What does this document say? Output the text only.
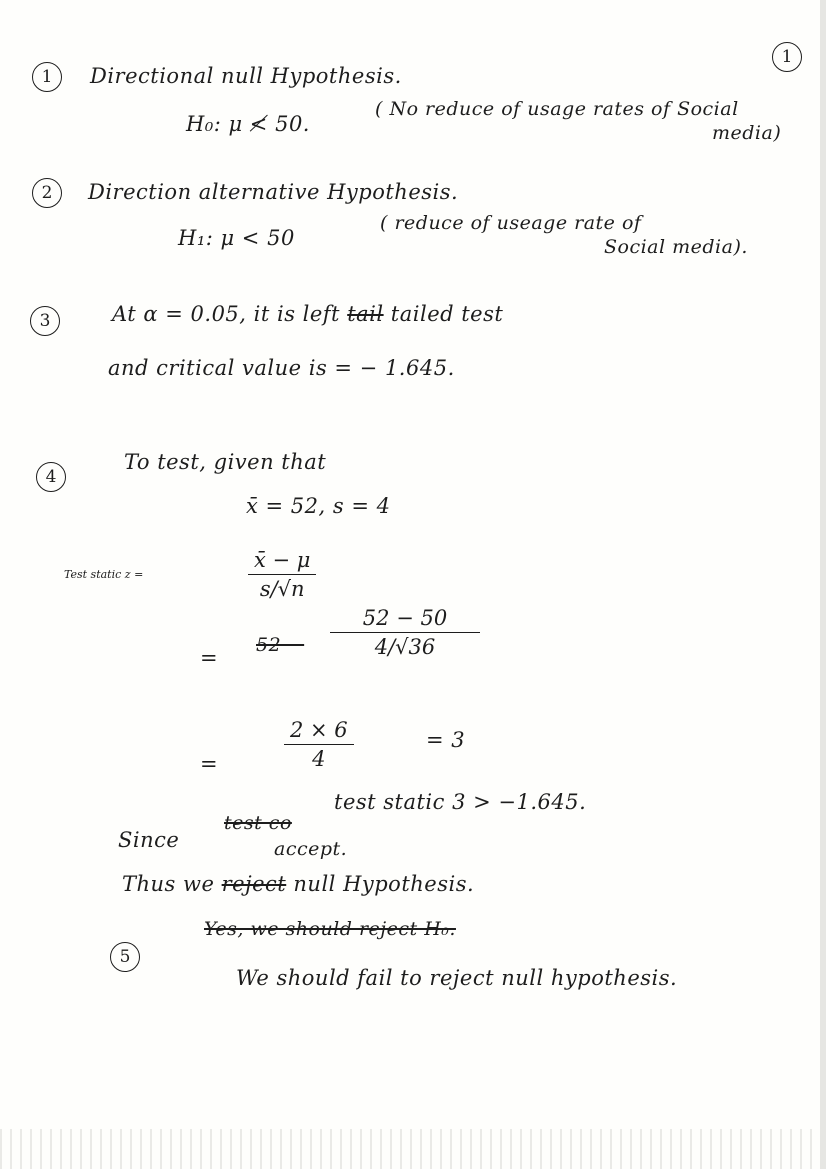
1
1 Directional null Hypothesis.
H₀: μ ≮ 50.
( No reduce of usage rates of Social
media)
2 Direction alternative Hypothesis.
H₁: μ < 50
( reduce of useage rate of
Social media).
3	At α = 0.05, it is left tail tailed test
and critical value is = − 1.645.
4
To test, given that
x̄ = 52, s = 4
Test static z =
x̄ − μ
s/√n
=
52 −
52 − 50
4/√36
=
2 × 6
4
= 3
Since
test co
test static 3 > −1.645.
accept.
Thus we reject null Hypothesis.
5
Yes, we should reject H₀.
We should fail to reject null hypothesis.
